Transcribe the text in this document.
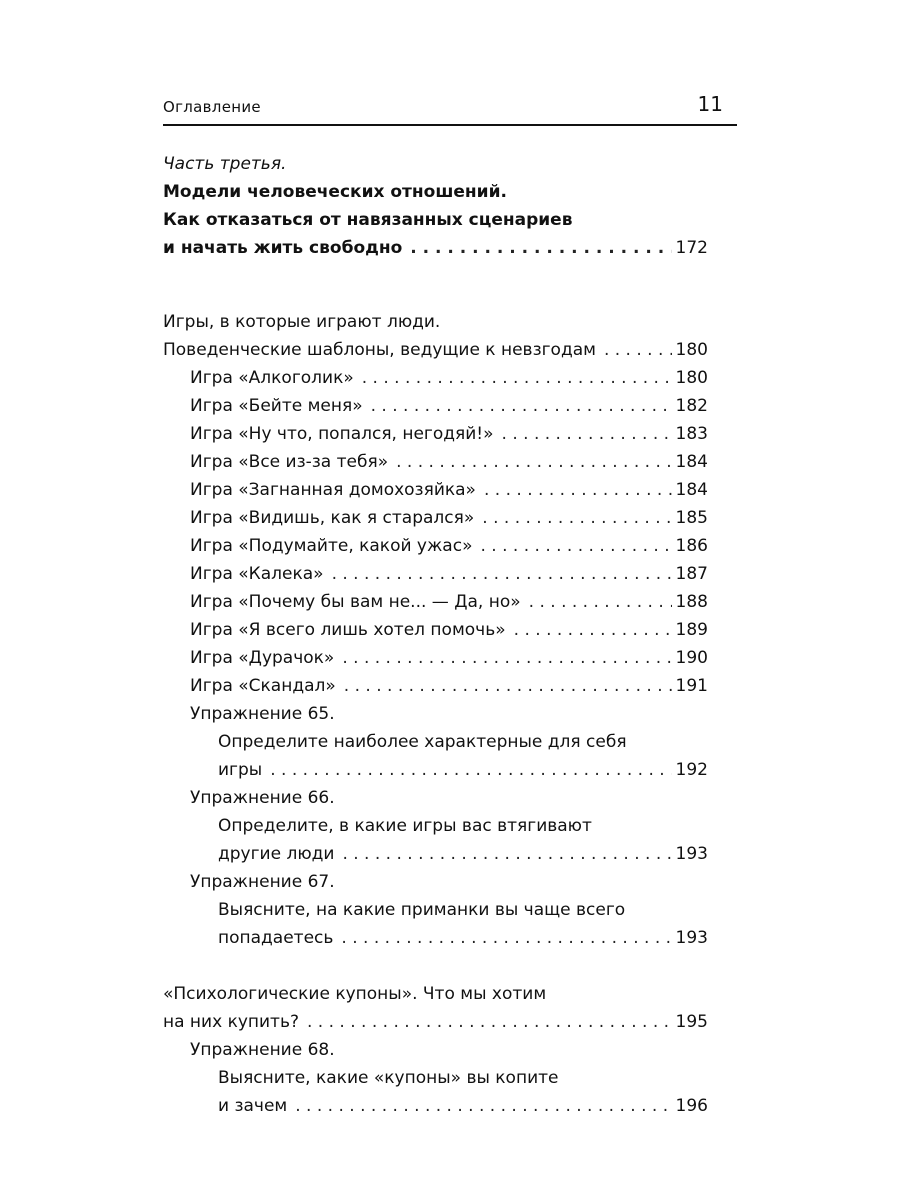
Оглавление	11
Часть третья.
Модели человеческих отношений.
Как отказаться от навязанных сценариев
и начать жить свободно . . .	172
Игры, в которые играют люди.
Поведенческие шаблоны, ведущие к невзгодам . . .	180
Игра «Алкоголик» . . .	180
Игра «Бейте меня» . . .	182
Игра «Ну что, попался, негодяй!» . . .	183
Игра «Все из-за тебя» . . .	184
Игра «Загнанная домохозяйка» . . .	184
Игра «Видишь, как я старался» . . .	185
Игра «Подумайте, какой ужас» . . .	186
Игра «Калека» . . .	187
Игра «Почему бы вам не... — Да, но» . . .	188
Игра «Я всего лишь хотел помочь» . . .	189
Игра «Дурачок» . . .	190
Игра «Скандал» . . .	191
Упражнение 65.
Определите наиболее характерные для себя
игры . . .	192
Упражнение 66.
Определите, в какие игры вас втягивают
другие люди . . .	193
Упражнение 67.
Выясните, на какие приманки вы чаще всего
попадаетесь . . .	193
«Психологические купоны». Что мы хотим
на них купить? . . .	195
Упражнение 68.
Выясните, какие «купоны» вы копите
и зачем . . .	196
